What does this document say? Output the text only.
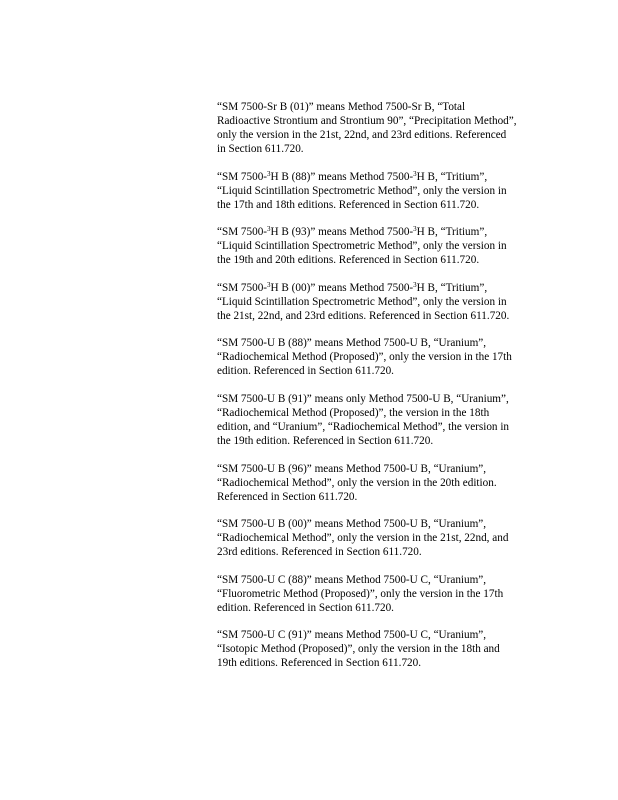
“SM 7500-Sr B (01)” means Method 7500-Sr B, “Total
Radioactive Strontium and Strontium 90”, “Precipitation Method”,
only the version in the 21st, 22nd, and 23rd editions. Referenced
in Section 611.720.

“SM 7500-$^3$H B (88)” means Method 7500-$^3$H B, “Tritium”,
“Liquid Scintillation Spectrometric Method”, only the version in
the 17th and 18th editions. Referenced in Section 611.720.

“SM 7500-$^3$H B (93)” means Method 7500-$^3$H B, “Tritium”,
“Liquid Scintillation Spectrometric Method”, only the version in
the 19th and 20th editions. Referenced in Section 611.720.

“SM 7500-$^3$H B (00)” means Method 7500-$^3$H B, “Tritium”,
“Liquid Scintillation Spectrometric Method”, only the version in
the 21st, 22nd, and 23rd editions. Referenced in Section 611.720.

“SM 7500-U B (88)” means Method 7500-U B, “Uranium”,
“Radiochemical Method (Proposed)”, only the version in the 17th
edition. Referenced in Section 611.720.

“SM 7500-U B (91)” means only Method 7500-U B, “Uranium”,
“Radiochemical Method (Proposed)”, the version in the 18th
edition, and “Uranium”, “Radiochemical Method”, the version in
the 19th edition. Referenced in Section 611.720.

“SM 7500-U B (96)” means Method 7500-U B, “Uranium”,
“Radiochemical Method”, only the version in the 20th edition.
Referenced in Section 611.720.

“SM 7500-U B (00)” means Method 7500-U B, “Uranium”,
“Radiochemical Method”, only the version in the 21st, 22nd, and
23rd editions. Referenced in Section 611.720.

“SM 7500-U C (88)” means Method 7500-U C, “Uranium”,
“Fluorometric Method (Proposed)”, only the version in the 17th
edition. Referenced in Section 611.720.

“SM 7500-U C (91)” means Method 7500-U C, “Uranium”,
“Isotopic Method (Proposed)”, only the version in the 18th and
19th editions. Referenced in Section 611.720.
